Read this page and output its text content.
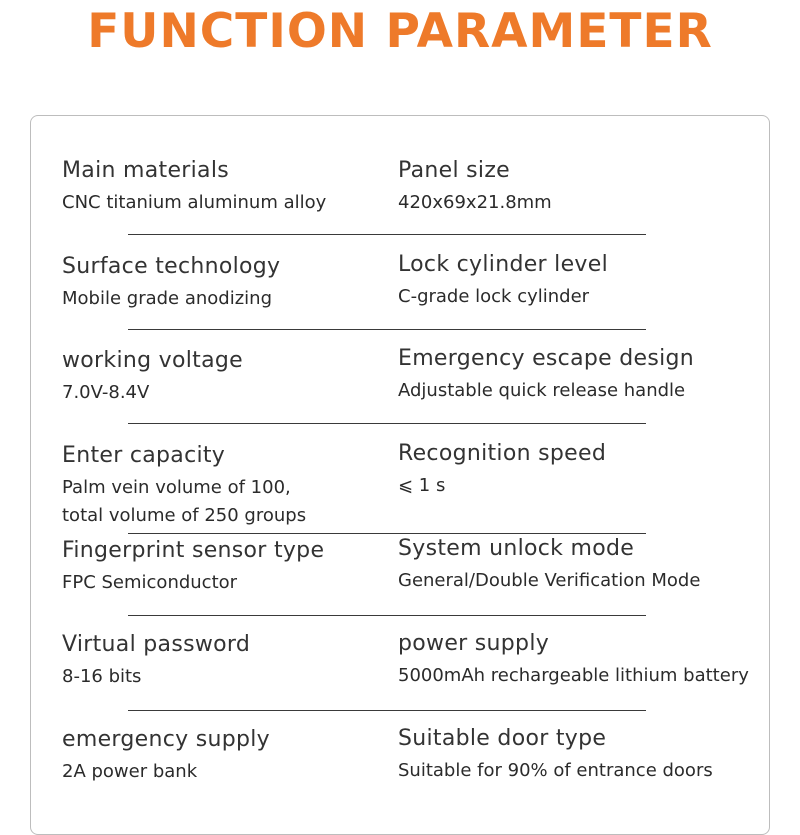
FUNCTION PARAMETER
Main materials
CNC titanium aluminum alloy
Panel size
420x69x21.8mm
Surface technology
Mobile grade anodizing
Lock cylinder level
C-grade lock cylinder
working voltage
7.0V-8.4V
Emergency escape design
Adjustable quick release handle
Enter capacity
Palm vein volume of 100,
total volume of 250 groups
Recognition speed
⩽ 1 s
Fingerprint sensor type
FPC Semiconductor
System unlock mode
General/Double Verification Mode
Virtual password
8-16 bits
power supply
5000mAh rechargeable lithium battery
emergency supply
2A power bank
Suitable door type
Suitable for 90% of entrance doors
